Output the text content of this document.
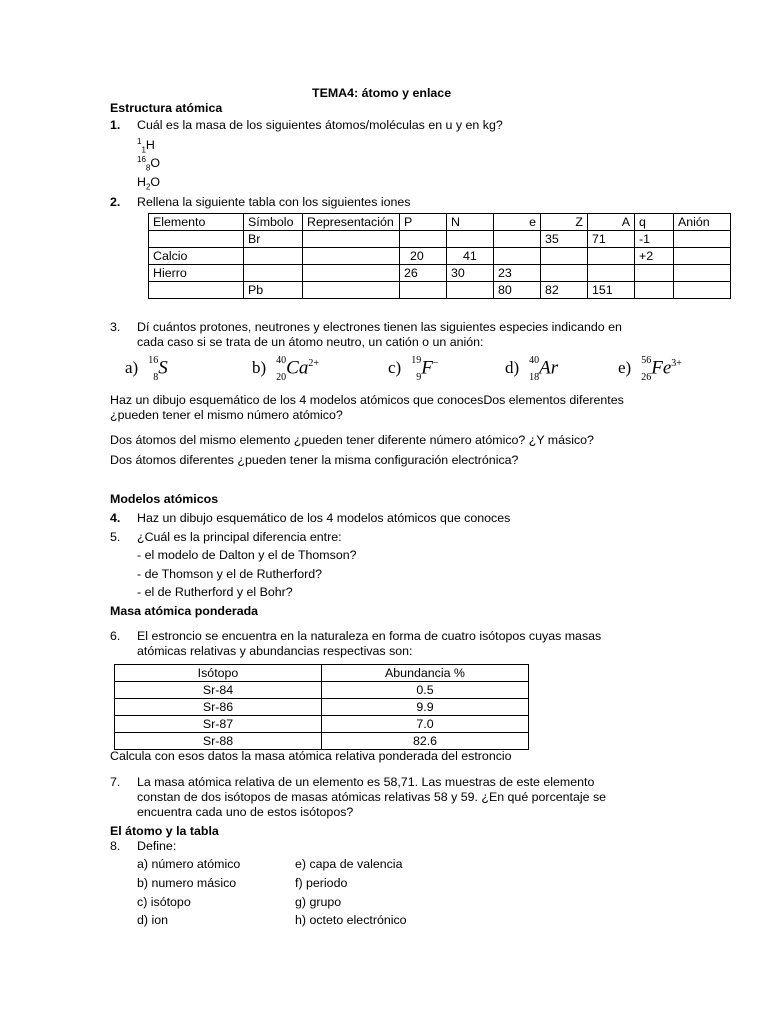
TEMA4: átomo y enlace
Estructura atómica
1. Cuál es la masa de los siguientes átomos/moléculas en u y en kg?
$^1_1$H
$^{16}_8$O
$H_2O$
2. Rellena la siguiente tabla con los siguientes iones
Elemento	Símbolo	Representación	P	N	e	Z	A	q	Anión
	Br					35	71	-1	
Calcio			20	41				+2	
Hierro			26	30	23				
	Pb				80	82	151		
3. Dí cuántos protones, neutrones y electrones tienen las siguientes especies indicando en
cada caso si se trata de un átomo neutro, un catión o un anión:
a) 16
8 S	b) 40
20 $Ca^{2+}$	c) 19
9 F−	d) 40
18 Ar	e) 56
26 $Fe^{3+}$
Haz un dibujo esquemático de los 4 modelos atómicos que conocesDos elementos diferentes
¿pueden tener el mismo número atómico?
Dos átomos del mismo elemento ¿pueden tener diferente número atómico? ¿Y másico?
Dos átomos diferentes ¿pueden tener la misma configuración electrónica?
Modelos atómicos
4. Haz un dibujo esquemático de los 4 modelos atómicos que conoces
5. ¿Cuál es la principal diferencia entre:
- el modelo de Dalton y el de Thomson?
- de Thomson y el de Rutherford?
- el de Rutherford y el Bohr?
Masa atómica ponderada
6. El estroncio se encuentra en la naturaleza en forma de cuatro isótopos cuyas masas
atómicas relativas y abundancias respectivas son:
Isótopo	Abundancia %
Sr-84	0.5
Sr-86	9.9
Sr-87	7.0
Sr-88	82.6
Calcula con esos datos la masa atómica relativa ponderada del estroncio
7. La masa atómica relativa de un elemento es 58,71. Las muestras de este elemento
constan de dos isótopos de masas atómicas relativas 58 y 59. ¿En qué porcentaje se
encuentra cada uno de estos isótopos?
El átomo y la tabla
8. Define:
a) número atómico
b) numero másico
c) isótopo
d) ion
e) capa de valencia
f) periodo
g) grupo
h) octeto electrónico
